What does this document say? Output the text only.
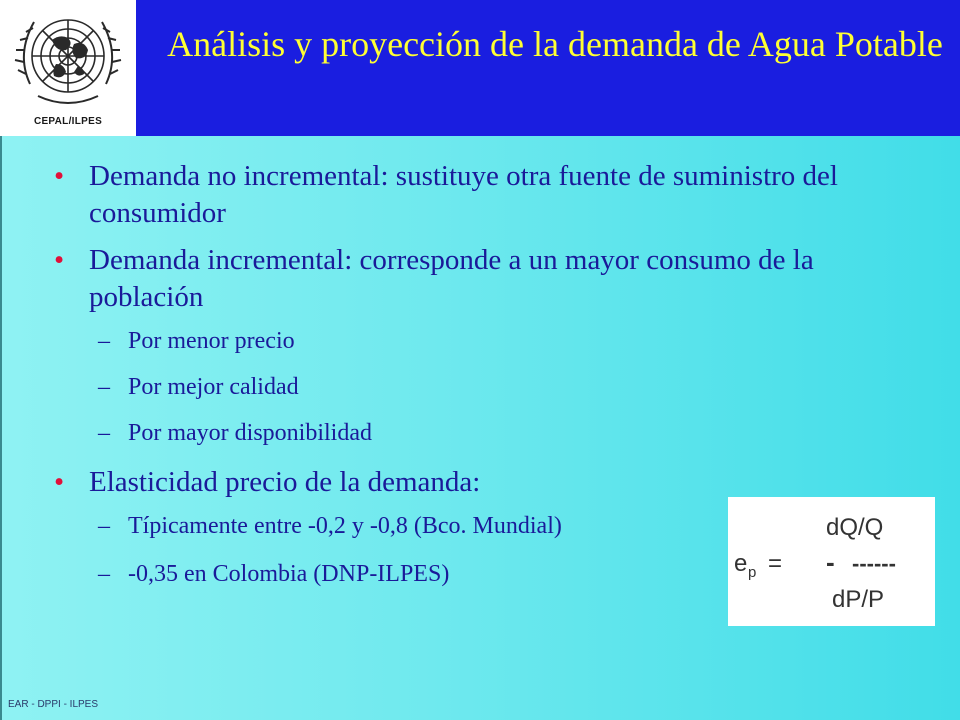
CEPAL/ILPES
Análisis y proyección de la demanda de Agua Potable
• Demanda no incremental: sustituye otra fuente de suministro del consumidor
• Demanda incremental: corresponde a un mayor consumo de la población
– Por menor precio
– Por mejor calidad
– Por mayor disponibilidad
• Elasticidad precio de la demanda:
– Típicamente entre -0,2 y -0,8 (Bco. Mundial)
– -0,35 en Colombia (DNP-ILPES)
dQ/Q
e p = - ------
dP/P
EAR - DPPI - ILPES
